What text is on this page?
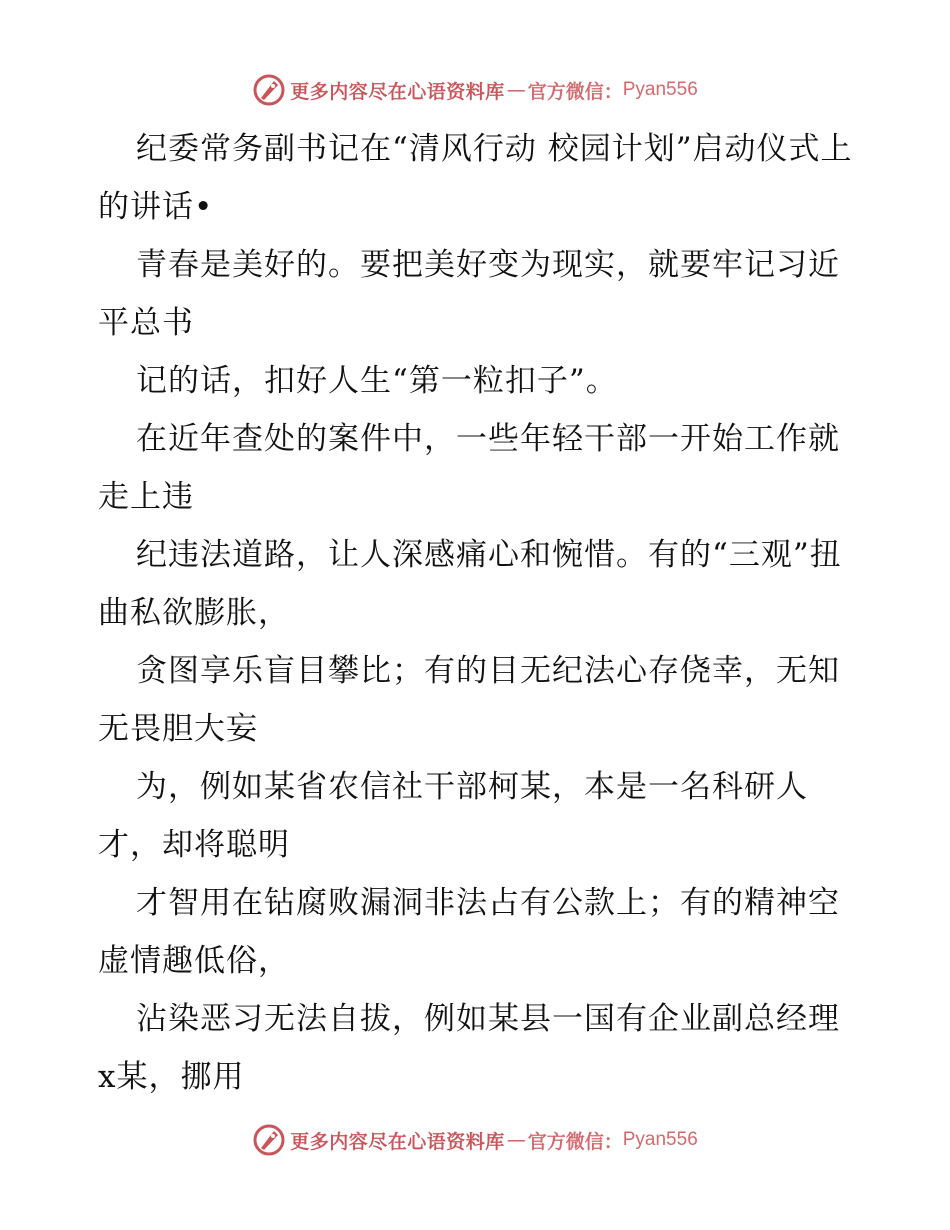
更多内容尽在心语资料库 — 官方微信： Pyan556

纪委常务副书记在“清风行动 校园计划”启动仪式上的讲话•

青春是美好的。要把美好变为现实，就要牢记习近平总书

记的话，扣好人生“第一粒扣子”。

在近年查处的案件中，一些年轻干部一开始工作就走上违

纪违法道路，让人深感痛心和惋惜。有的“三观”扭曲私欲膨胀，

贪图享乐盲目攀比；有的目无纪法心存侥幸，无知无畏胆大妄

为，例如某省农信社干部柯某，本是一名科研人才，却将聪明

才智用在钻腐败漏洞非法占有公款上；有的精神空虚情趣低俗，

沾染恶习无法自拔，例如某县一国有企业副总经理 x某，挪用

更多内容尽在心语资料库 — 官方微信： Pyan556
